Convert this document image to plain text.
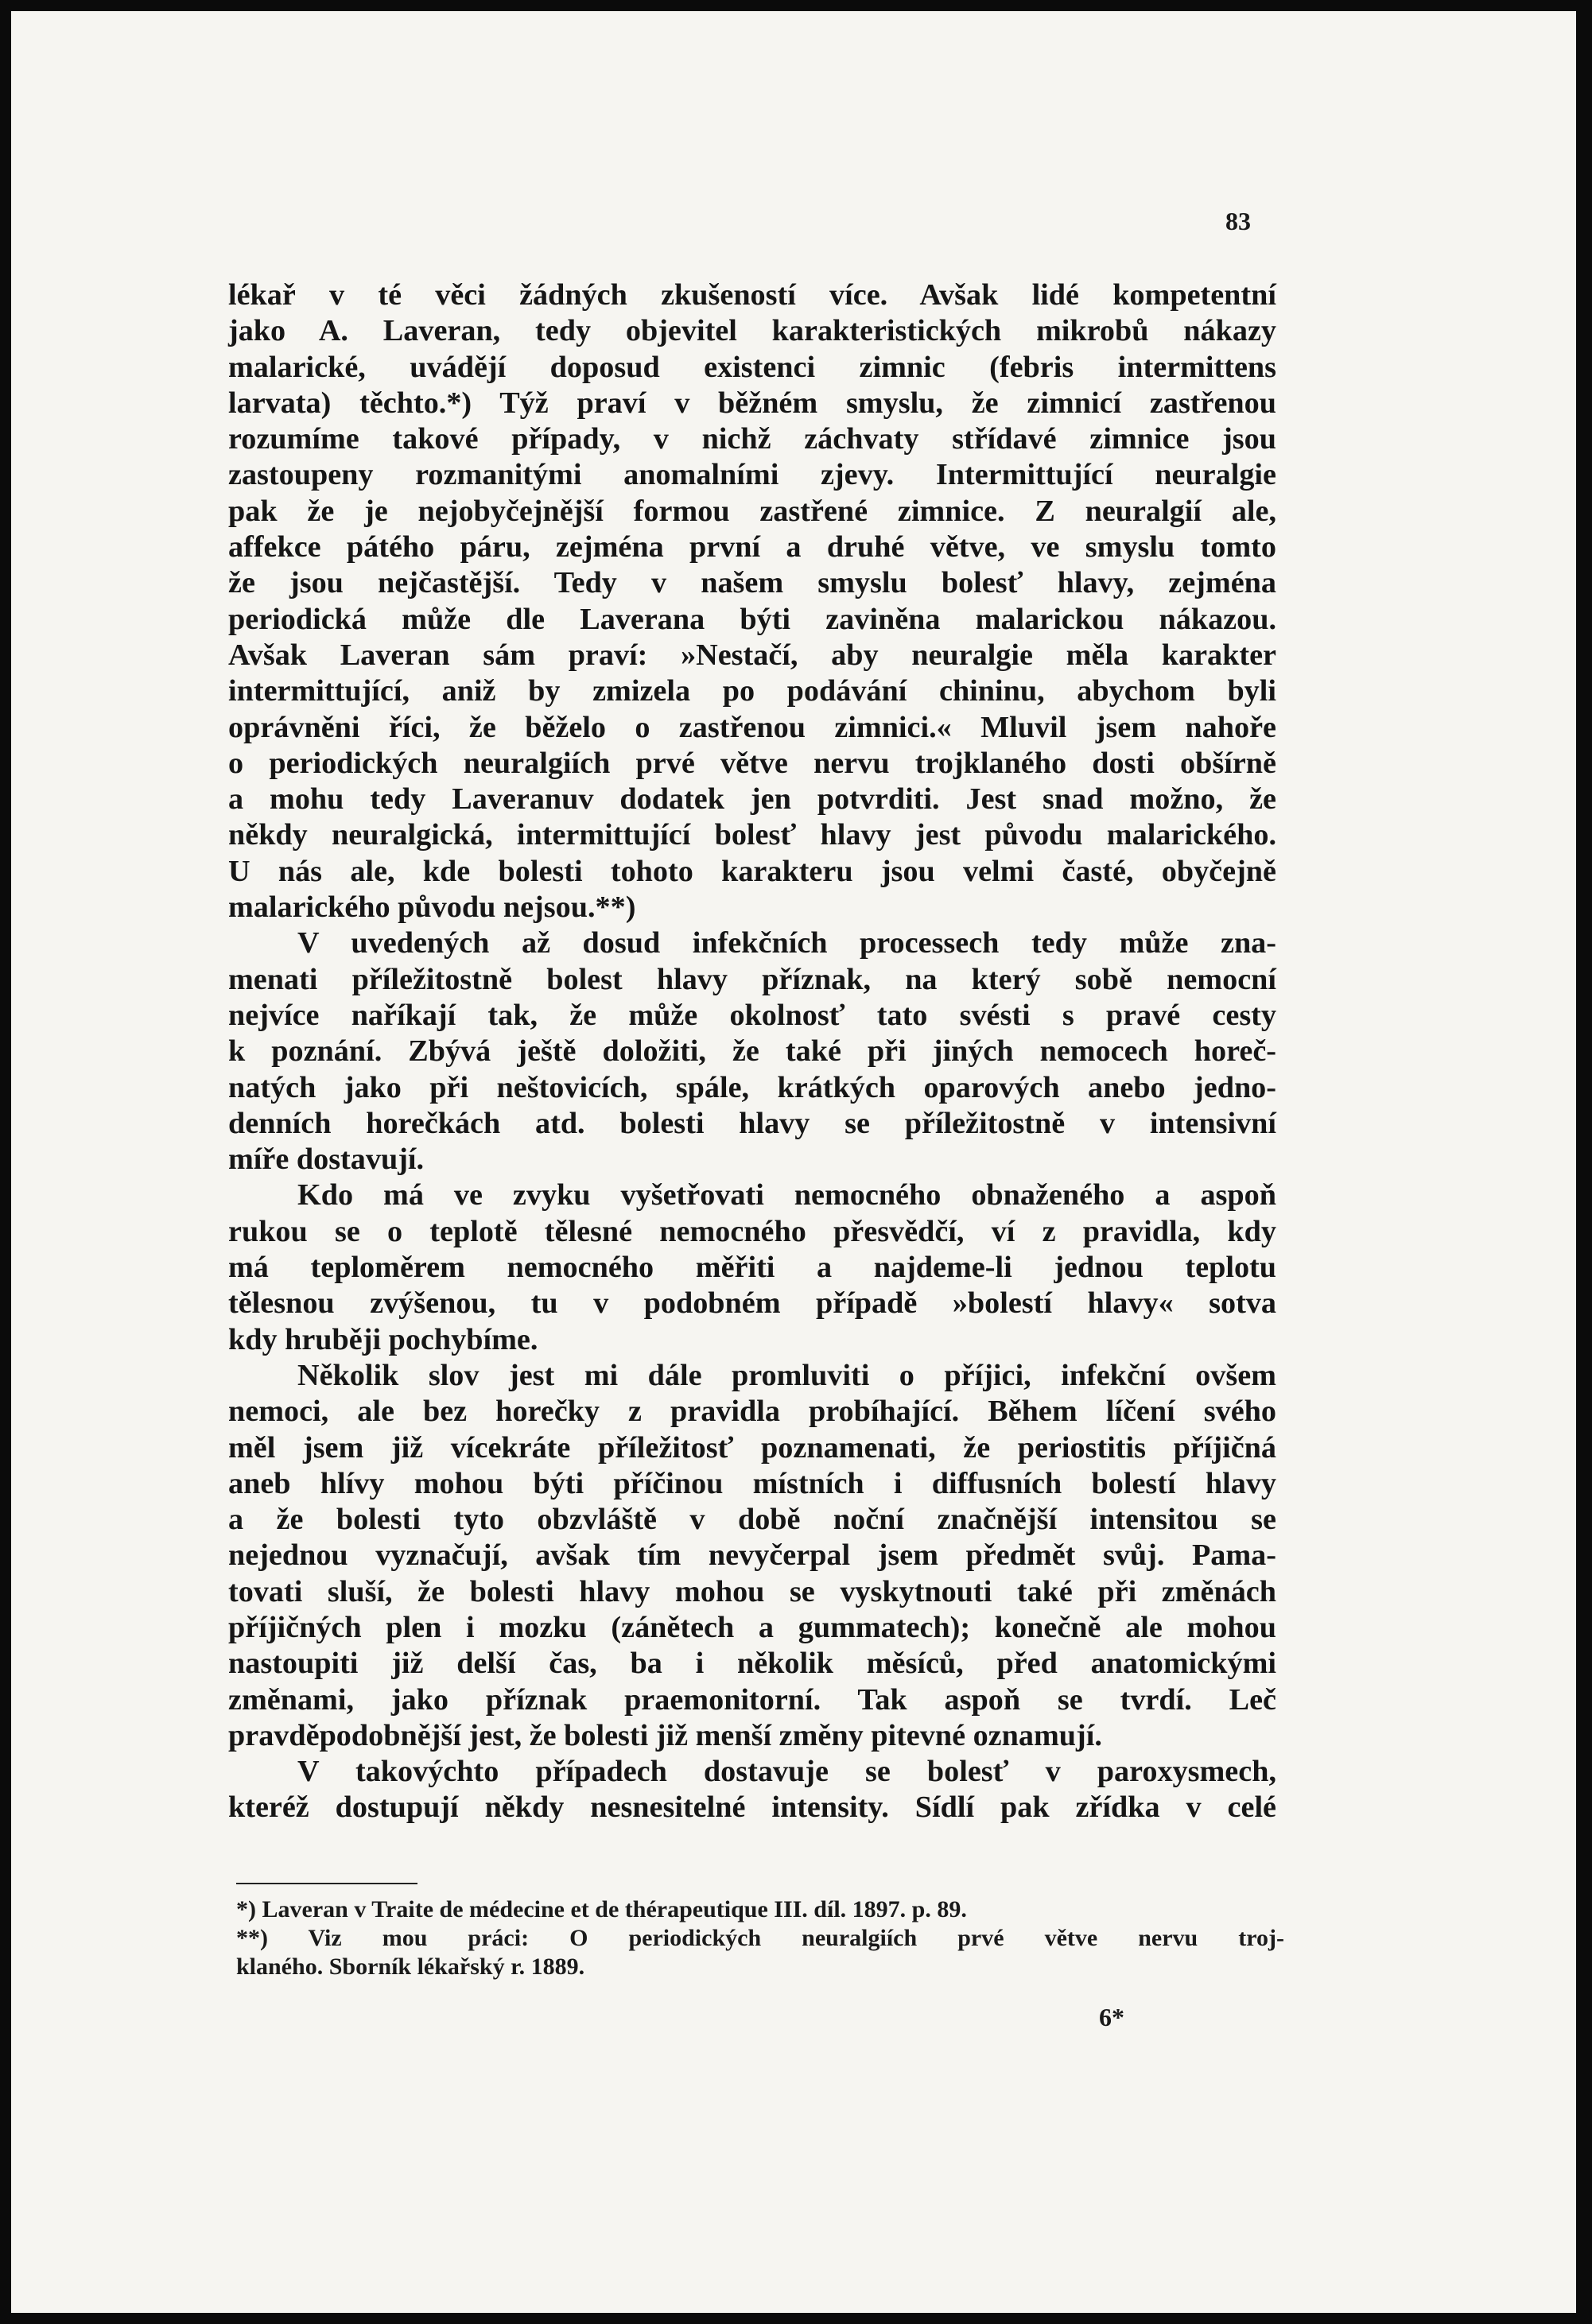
83
lékař v té věci žádných zkušeností více. Avšak lidé kompetentní
jako A. Laveran, tedy objevitel karakteristických mikrobů nákazy
malarické, uvádějí doposud existenci zimnic (febris intermittens
larvata) těchto.*) Týž praví v běžném smyslu, že zimnicí zastřenou
rozumíme takové případy, v nichž záchvaty střídavé zimnice jsou
zastoupeny rozmanitými anomalními zjevy. Intermittující neuralgie
pak že je nejobyčejnější formou zastřené zimnice. Z neuralgií ale,
affekce pátého páru, zejména první a druhé větve, ve smyslu tomto
že jsou nejčastější. Tedy v našem smyslu bolesť hlavy, zejména
periodická může dle Laverana býti zaviněna malarickou nákazou.
Avšak Laveran sám praví: »Nestačí, aby neuralgie měla karakter
intermittující, aniž by zmizela po podávání chininu, abychom byli
oprávněni říci, že běželo o zastřenou zimnici.« Mluvil jsem nahoře
o periodických neuralgiích prvé větve nervu trojklaného dosti obšírně
a mohu tedy Laveranuv dodatek jen potvrditi. Jest snad možno, že
někdy neuralgická, intermittující bolesť hlavy jest původu malarického.
U nás ale, kde bolesti tohoto karakteru jsou velmi časté, obyčejně
malarického původu nejsou.**)
V uvedených až dosud infekčních processech tedy může zna-
menati příležitostně bolest hlavy příznak, na který sobě nemocní
nejvíce naříkají tak, že může okolnosť tato svésti s pravé cesty
k poznání. Zbývá ještě doložiti, že také při jiných nemocech horeč-
natých jako při neštovicích, spále, krátkých oparových anebo jedno-
denních horečkách atd. bolesti hlavy se příležitostně v intensivní
míře dostavují.
Kdo má ve zvyku vyšetřovati nemocného obnaženého a aspoň
rukou se o teplotě tělesné nemocného přesvědčí, ví z pravidla, kdy
má teploměrem nemocného měřiti a najdeme-li jednou teplotu
tělesnou zvýšenou, tu v podobném případě »bolestí hlavy« sotva
kdy hruběji pochybíme.
Několik slov jest mi dále promluviti o příjici, infekční ovšem
nemoci, ale bez horečky z pravidla probíhající. Během líčení svého
měl jsem již vícekráte příležitosť poznamenati, že periostitis příjičná
aneb hlívy mohou býti příčinou místních i diffusních bolestí hlavy
a že bolesti tyto obzvláště v době noční značnější intensitou se
nejednou vyznačují, avšak tím nevyčerpal jsem předmět svůj. Pama-
tovati sluší, že bolesti hlavy mohou se vyskytnouti také při změnách
příjičných plen i mozku (zánětech a gummatech); konečně ale mohou
nastoupiti již delší čas, ba i několik měsíců, před anatomickými
změnami, jako příznak praemonitorní. Tak aspoň se tvrdí. Leč
pravděpodobnější jest, že bolesti již menší změny pitevné oznamují.
V takovýchto případech dostavuje se bolesť v paroxysmech,
kteréž dostupují někdy nesnesitelné intensity. Sídlí pak zřídka v celé
*) Laveran v Traite de médecine et de thérapeutique III. díl. 1897. p. 89.
**) Viz mou práci: O periodických neuralgiích prvé větve nervu troj-
klaného. Sborník lékařský r. 1889.
6*
